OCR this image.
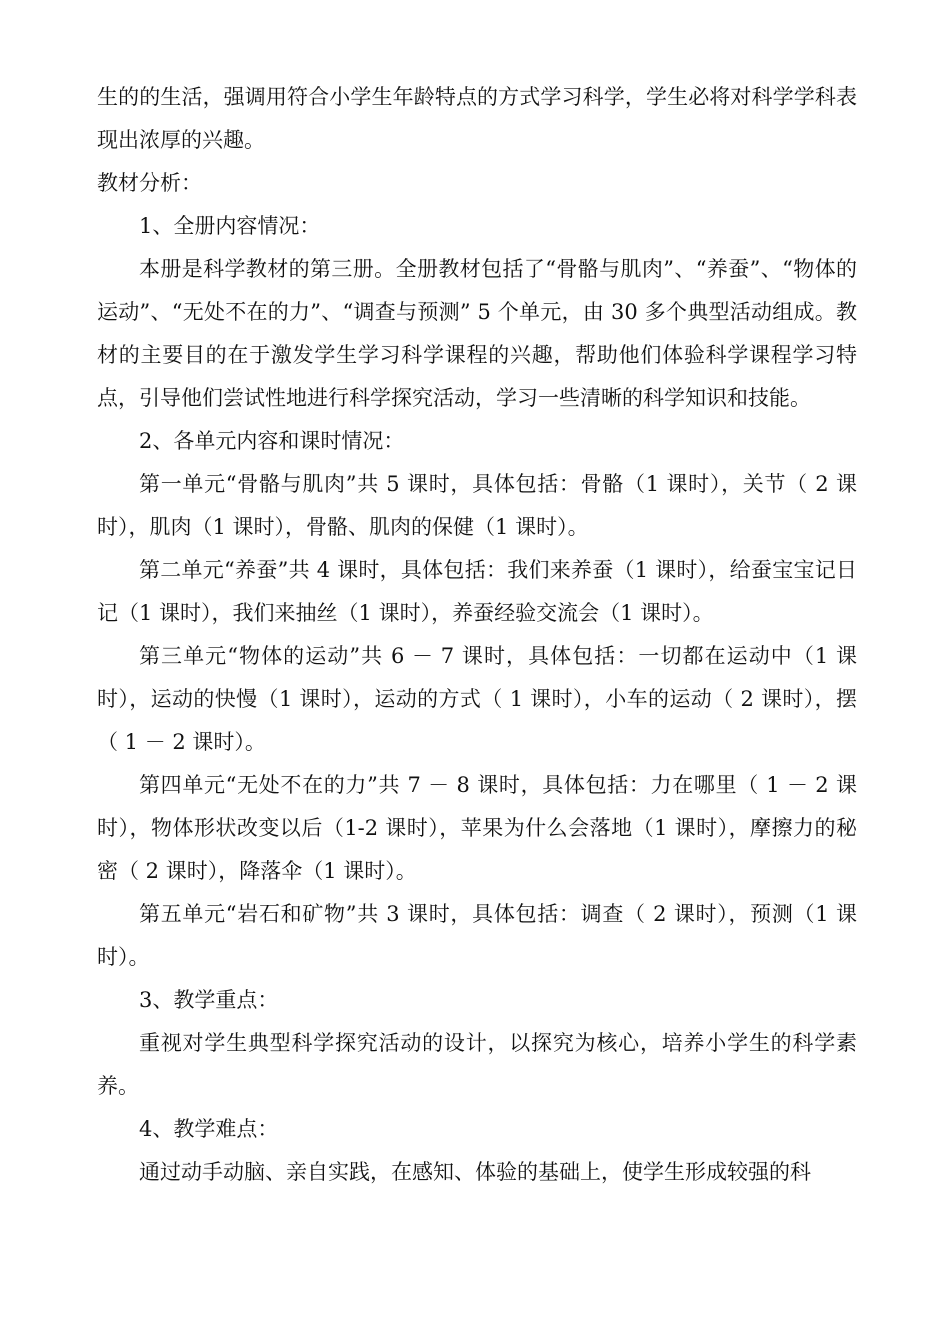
生的的生活，强调用符合小学生年龄特点的方式学习科学，学生必将对科学学科表现出浓厚的兴趣。

教材分析：

1、全册内容情况：

本册是科学教材的第三册。全册教材包括了“骨骼与肌肉”、“养蚕”、“物体的运动”、“无处不在的力”、“调查与预测” 5 个单元，由 30 多个典型活动组成。教材的主要目的在于激发学生学习科学课程的兴趣，帮助他们体验科学课程学习特点，引导他们尝试性地进行科学探究活动，学习一些清晰的科学知识和技能。

2、各单元内容和课时情况：

第一单元“骨骼与肌肉”共 5 课时，具体包括：骨骼（1 课时），关节（ 2 课时），肌肉（1 课时），骨骼、肌肉的保健（1 课时）。

第二单元“养蚕”共 4 课时，具体包括：我们来养蚕（1 课时），给蚕宝宝记日记（1 课时），我们来抽丝（1 课时），养蚕经验交流会（1 课时）。

第三单元“物体的运动”共 6 － 7 课时，具体包括：一切都在运动中（1 课时），运动的快慢（1 课时），运动的方式（ 1 课时），小车的运动（ 2 课时），摆（ 1 － 2 课时）。

第四单元“无处不在的力”共 7 － 8 课时，具体包括：力在哪里（ 1 － 2 课时），物体形状改变以后（1-2 课时），苹果为什么会落地（1 课时），摩擦力的秘密（ 2 课时），降落伞（1 课时）。

第五单元“岩石和矿物”共 3 课时，具体包括：调查（ 2 课时），预测（1 课时）。

3、教学重点：

重视对学生典型科学探究活动的设计，以探究为核心，培养小学生的科学素养。

4、教学难点：

通过动手动脑、亲自实践，在感知、体验的基础上，使学生形成较强的科
